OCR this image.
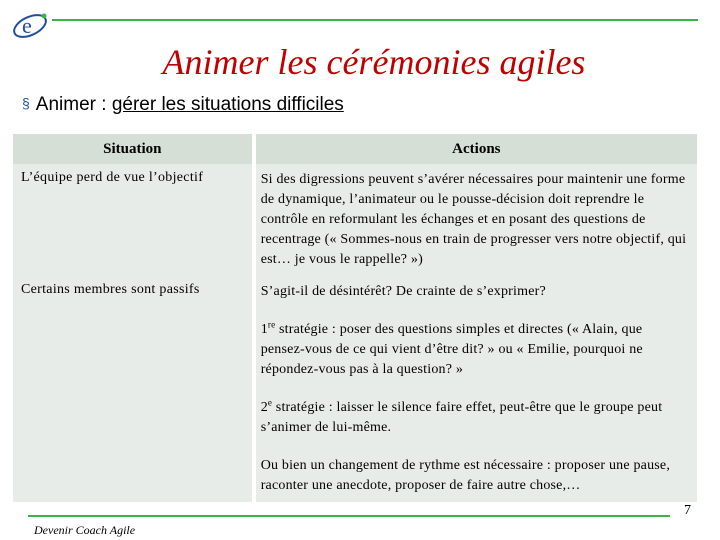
e
Animer les cérémonies agiles
§ Animer : gérer les situations difficiles
Situation		Actions
L’équipe perd de vue l’objectif		Si des digressions peuvent s’avérer nécessaires pour maintenir une forme de dynamique, l’animateur ou le pousse-décision doit reprendre le contrôle en reformulant les échanges et en posant des questions de recentrage (« Sommes-nous en train de progresser vers notre objectif, qui est… je vous le rappelle? »)

Certains membres sont passifs		S’agit-il de désintérêt? De crainte de s’exprimer?

1re stratégie : poser des questions simples et directes (« Alain, que pensez-vous de ce qui vient d’être dit? » ou « Emilie, pourquoi ne répondez-vous pas à la question? »

2e stratégie : laisser le silence faire effet, peut-être que le groupe peut s’animer de lui-même.

Ou bien un changement de rythme est nécessaire : proposer une pause, raconter une anecdote, proposer de faire autre chose,…

7
Devenir Coach Agile
